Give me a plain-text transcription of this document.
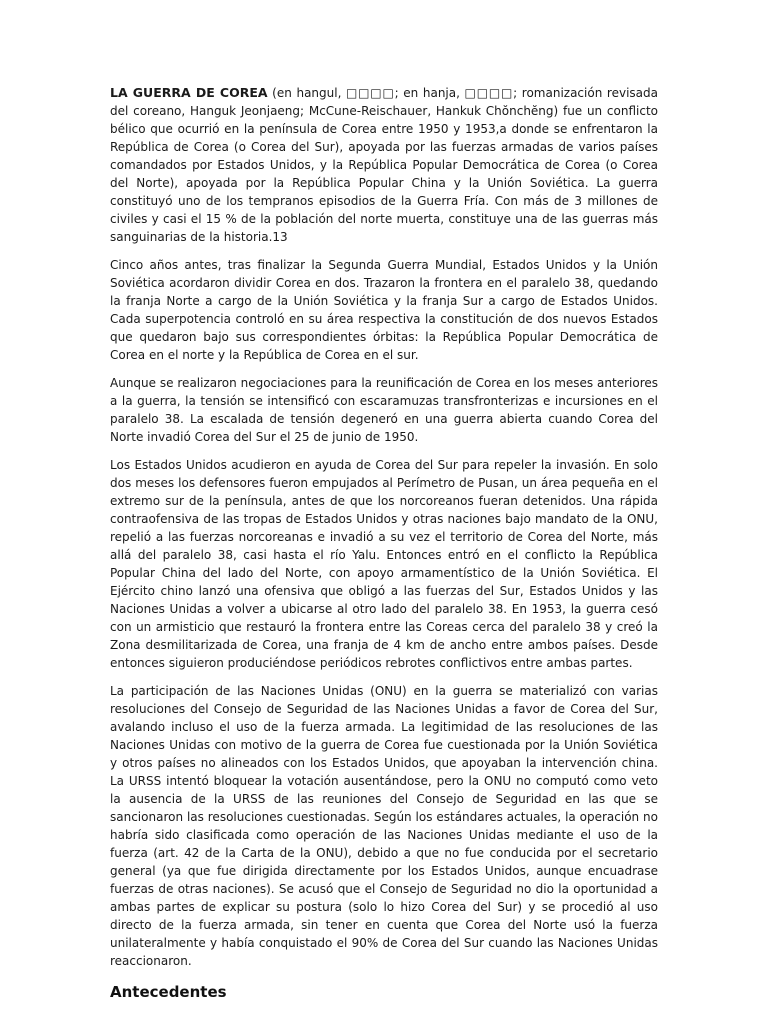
LA GUERRA DE COREA (en hangul, □□□□; en hanja, □□□□; romanización revisada del coreano, Hanguk Jeonjaeng; McCune-Reischauer, Hankuk Chŏnchĕng) fue un conflicto bélico que ocurrió en la península de Corea entre 1950 y 1953,a donde se enfrentaron la República de Corea (o Corea del Sur), apoyada por las fuerzas armadas de varios países comandados por Estados Unidos, y la República Popular Democrática de Corea (o Corea del Norte), apoyada por la República Popular China y la Unión Soviética. La guerra constituyó uno de los tempranos episodios de la Guerra Fría. Con más de 3 millones de civiles y casi el 15 % de la población del norte muerta, constituye una de las guerras más sanguinarias de la historia.13

Cinco años antes, tras finalizar la Segunda Guerra Mundial, Estados Unidos y la Unión Soviética acordaron dividir Corea en dos. Trazaron la frontera en el paralelo 38, quedando la franja Norte a cargo de la Unión Soviética y la franja Sur a cargo de Estados Unidos. Cada superpotencia controló en su área respectiva la constitución de dos nuevos Estados que quedaron bajo sus correspondientes órbitas: la República Popular Democrática de Corea en el norte y la República de Corea en el sur.

Aunque se realizaron negociaciones para la reunificación de Corea en los meses anteriores a la guerra, la tensión se intensificó con escaramuzas transfronterizas e incursiones en el paralelo 38. La escalada de tensión degeneró en una guerra abierta cuando Corea del Norte invadió Corea del Sur el 25 de junio de 1950.

Los Estados Unidos acudieron en ayuda de Corea del Sur para repeler la invasión. En solo dos meses los defensores fueron empujados al Perímetro de Pusan, un área pequeña en el extremo sur de la península, antes de que los norcoreanos fueran detenidos. Una rápida contraofensiva de las tropas de Estados Unidos y otras naciones bajo mandato de la ONU, repelió a las fuerzas norcoreanas e invadió a su vez el territorio de Corea del Norte, más allá del paralelo 38, casi hasta el río Yalu. Entonces entró en el conflicto la República Popular China del lado del Norte, con apoyo armamentístico de la Unión Soviética. El Ejército chino lanzó una ofensiva que obligó a las fuerzas del Sur, Estados Unidos y las Naciones Unidas a volver a ubicarse al otro lado del paralelo 38. En 1953, la guerra cesó con un armisticio que restauró la frontera entre las Coreas cerca del paralelo 38 y creó la Zona desmilitarizada de Corea, una franja de 4 km de ancho entre ambos países. Desde entonces siguieron produciéndose periódicos rebrotes conflictivos entre ambas partes.

La participación de las Naciones Unidas (ONU) en la guerra se materializó con varias resoluciones del Consejo de Seguridad de las Naciones Unidas a favor de Corea del Sur, avalando incluso el uso de la fuerza armada. La legitimidad de las resoluciones de las Naciones Unidas con motivo de la guerra de Corea fue cuestionada por la Unión Soviética y otros países no alineados con los Estados Unidos, que apoyaban la intervención china. La URSS intentó bloquear la votación ausentándose, pero la ONU no computó como veto la ausencia de la URSS de las reuniones del Consejo de Seguridad en las que se sancionaron las resoluciones cuestionadas. Según los estándares actuales, la operación no habría sido clasificada como operación de las Naciones Unidas mediante el uso de la fuerza (art. 42 de la Carta de la ONU), debido a que no fue conducida por el secretario general (ya que fue dirigida directamente por los Estados Unidos, aunque encuadrase fuerzas de otras naciones). Se acusó que el Consejo de Seguridad no dio la oportunidad a ambas partes de explicar su postura (solo lo hizo Corea del Sur) y se procedió al uso directo de la fuerza armada, sin tener en cuenta que Corea del Norte usó la fuerza unilateralmente y había conquistado el 90% de Corea del Sur cuando las Naciones Unidas reaccionaron.

Antecedentes
